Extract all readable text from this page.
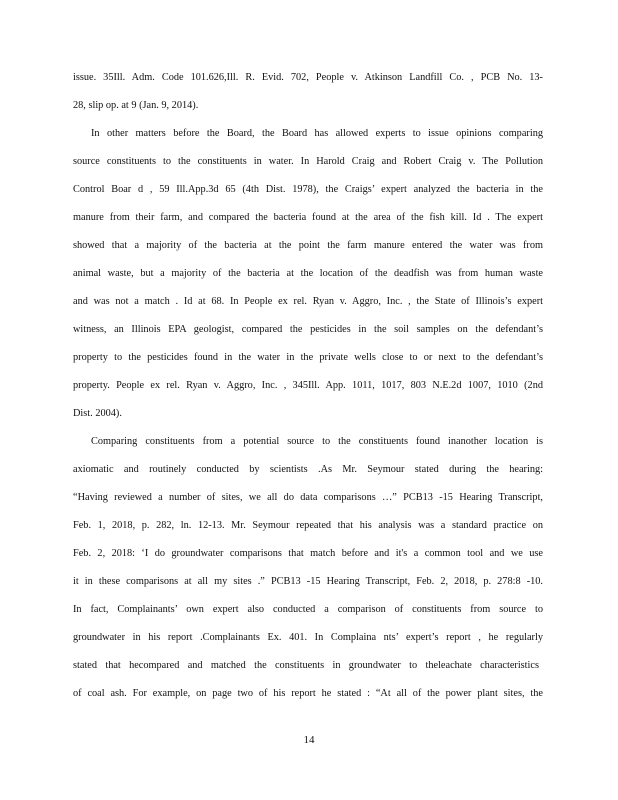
issue. 35Ill. Adm. Code 101.626,Ill. R. Evid. 702, People v. Atkinson Landfill Co. , PCB No. 13-

28, slip op. at 9 (Jan. 9, 2014).

In other matters before the Board, the Board has allowed experts to issue opinions comparing

source constituents to the constituents in water. In Harold Craig and Robert Craig v. The Pollution

Control Boar d , 59 Ill.App.3d 65 (4th Dist. 1978), the Craigs’ expert analyzed the bacteria in the

manure from their farm, and compared the bacteria found at the area of the fish kill. Id . The expert

showed that a majority of the bacteria at the point the farm manure entered the water was from

animal waste, but a majority of the bacteria at the location of the deadfish was from human waste

and was not a match . Id at 68. In People ex rel. Ryan v. Aggro, Inc. , the State of Illinois’s expert

witness, an Illinois EPA geologist, compared the pesticides in the soil samples on the defendant’s

property to the pesticides found in the water in the private wells close to or next to the defendant’s

property. People ex rel. Ryan v. Aggro, Inc. , 345Ill. App. 1011, 1017, 803 N.E.2d 1007, 1010 (2nd

Dist. 2004).

Comparing constituents from a potential source to the constituents found inanother location is

axiomatic and routinely conducted by scientists .As Mr. Seymour stated during the hearing:

“Having reviewed a number of sites, we all do data comparisons …” PCB13 -15 Hearing Transcript,

Feb. 1, 2018, p. 282, ln. 12-13. Mr. Seymour repeated that his analysis was a standard practice on

Feb. 2, 2018: ‘I do groundwater comparisons that match before and it's a common tool and we use

it in these comparisons at all my sites .” PCB13 -15 Hearing Transcript, Feb. 2, 2018, p. 278:8 -10.

In fact, Complainants’ own expert also conducted a comparison of constituents from source to

groundwater in his report .Complainants Ex. 401. In Complaina nts’ expert’s report , he regularly

stated that hecompared and matched the constituents in groundwater to theleachate characteristics

of coal ash. For example, on page two of his report he stated : “At all of the power plant sites, the

14
